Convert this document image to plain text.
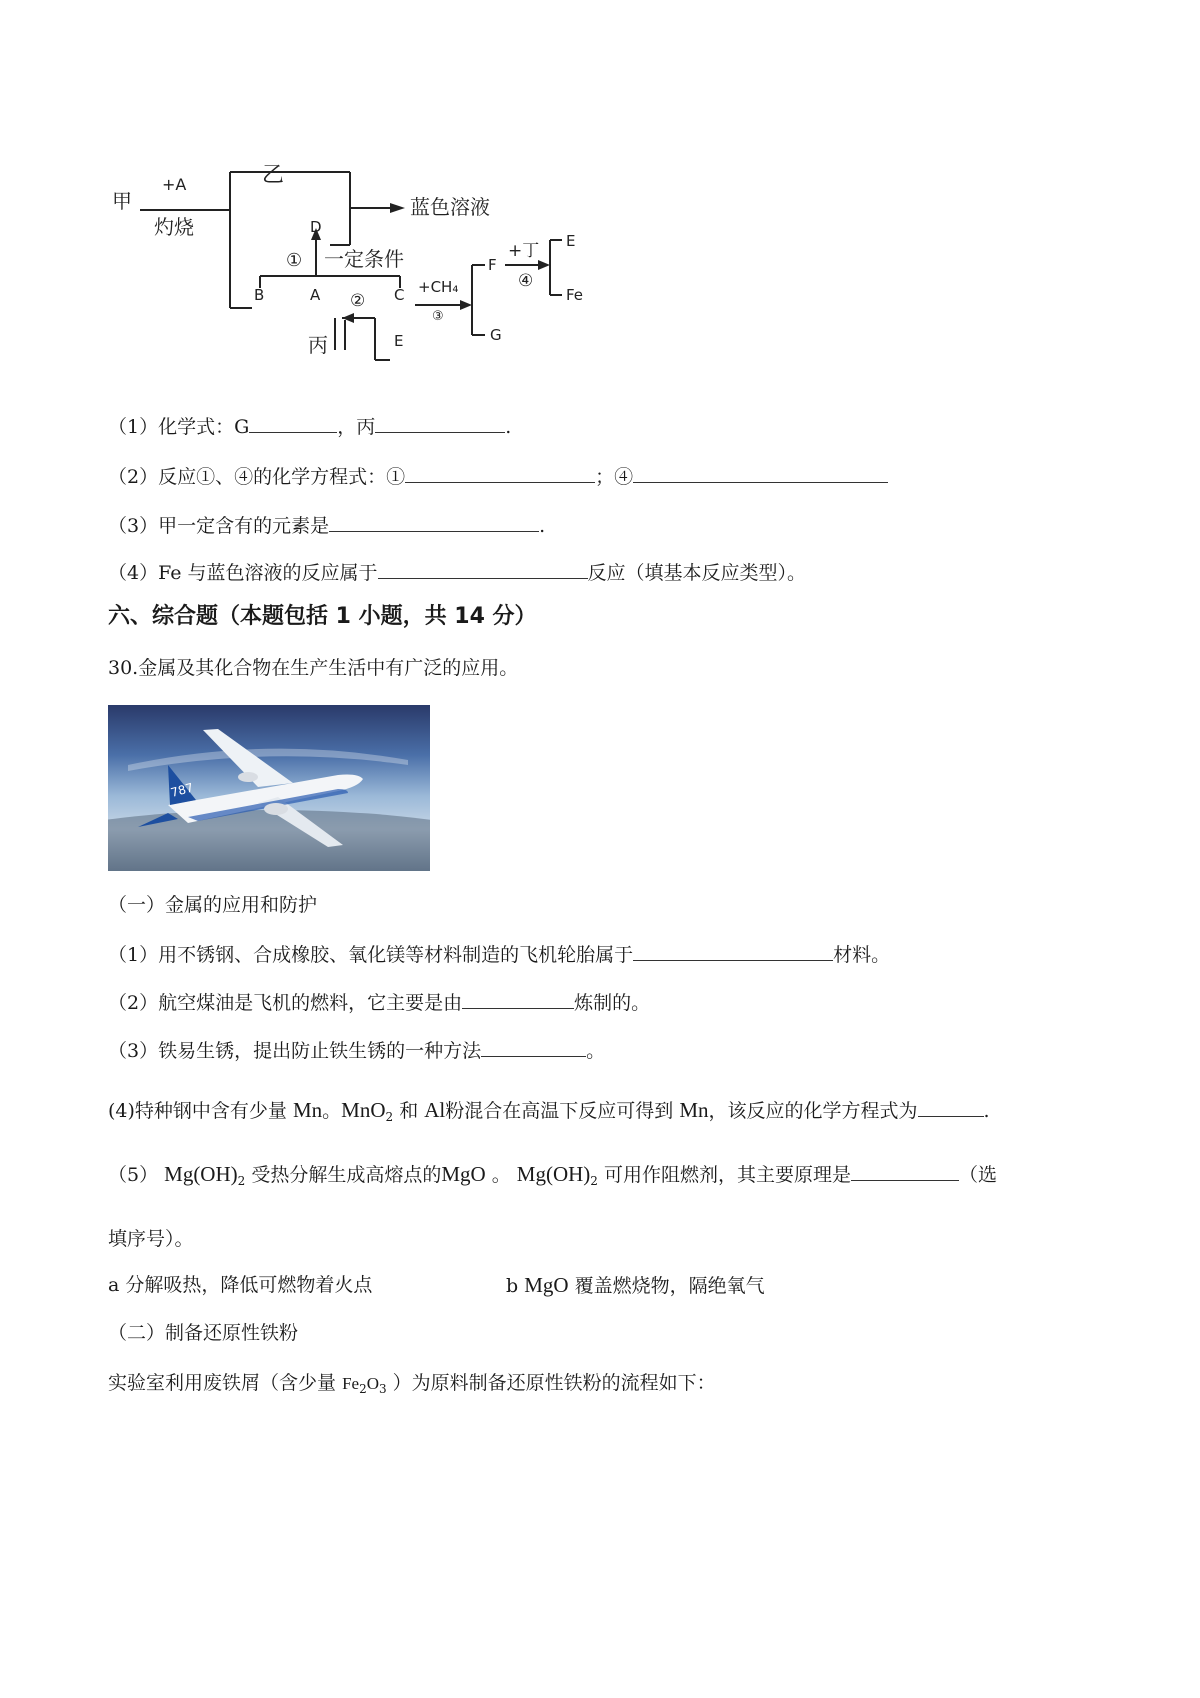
甲
+A
灼烧
乙
蓝色溶液
D
① 一定条件
B	A	C
②
丙	E
+CH₄
③
F
G
+丁
④
E
Fe
（1）化学式：G	，丙	.
（2）反应①、④的化学方程式：①	；④
（3）甲一定含有的元素是	.
（4）Fe 与蓝色溶液的反应属于	反应（填基本反应类型）。
六、综合题（本题包括 1 小题，共 14 分）
30.金属及其化合物在生产生活中有广泛的应用。
787
（一）金属的应用和防护
（1）用不锈钢、合成橡胶、氧化镁等材料制造的飞机轮胎属于	材料。
（2）航空煤油是飞机的燃料，它主要是由	炼制的。
（3）铁易生锈，提出防止铁生锈的一种方法	。
(4)特种钢中含有少量 Mn。MnO$_2$ 和 Al粉混合在高温下反应可得到 Mn，该反应的化学方程式为	.
（5） $Mg(OH)_2$ 受热分解生成高熔点的MgO 。 $Mg(OH)_2$ 可用作阻燃剂，其主要原理是	（选
填序号）。
a 分解吸热，降低可燃物着火点	b MgO 覆盖燃烧物，隔绝氧气
（二）制备还原性铁粉
实验室利用废铁屑（含少量 $Fe_2O_3$ ）为原料制备还原性铁粉的流程如下：
